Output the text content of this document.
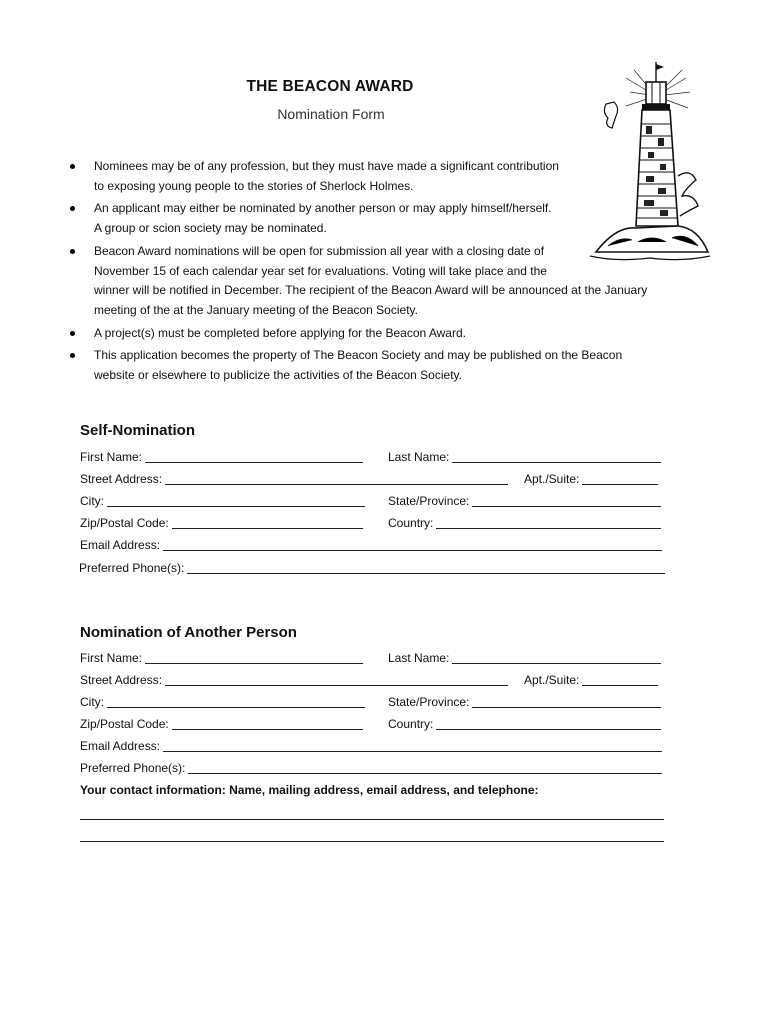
THE BEACON AWARD
Nomination Form
Nominees may be of any profession, but they must have made a significant contribution
to exposing young people to the stories of Sherlock Holmes.
An applicant may either be nominated by another person or may apply himself/herself.
A group or scion society may be nominated.
Beacon Award nominations will be open for submission all year with a closing date of
November 15 of each calendar year set for evaluations. Voting will take place and the
winner will be notified in December. The recipient of the Beacon Award will be announced at the January meeting of the at the January meeting of the Beacon Society.
A project(s) must be completed before applying for the Beacon Award.
This application becomes the property of The Beacon Society and may be published on the Beacon website or elsewhere to publicize the activities of the Beacon Society.
Self-Nomination
First Name:	Last Name:
Street Address:	Apt./Suite:
City:	State/Province:
Zip/Postal Code:	Country:
Email Address:
Preferred Phone(s):
Nomination of Another Person
First Name:	Last Name:
Street Address:	Apt./Suite:
City:	State/Province:
Zip/Postal Code:	Country:
Email Address:
Preferred Phone(s):
Your contact information: Name, mailing address, email address, and telephone:
